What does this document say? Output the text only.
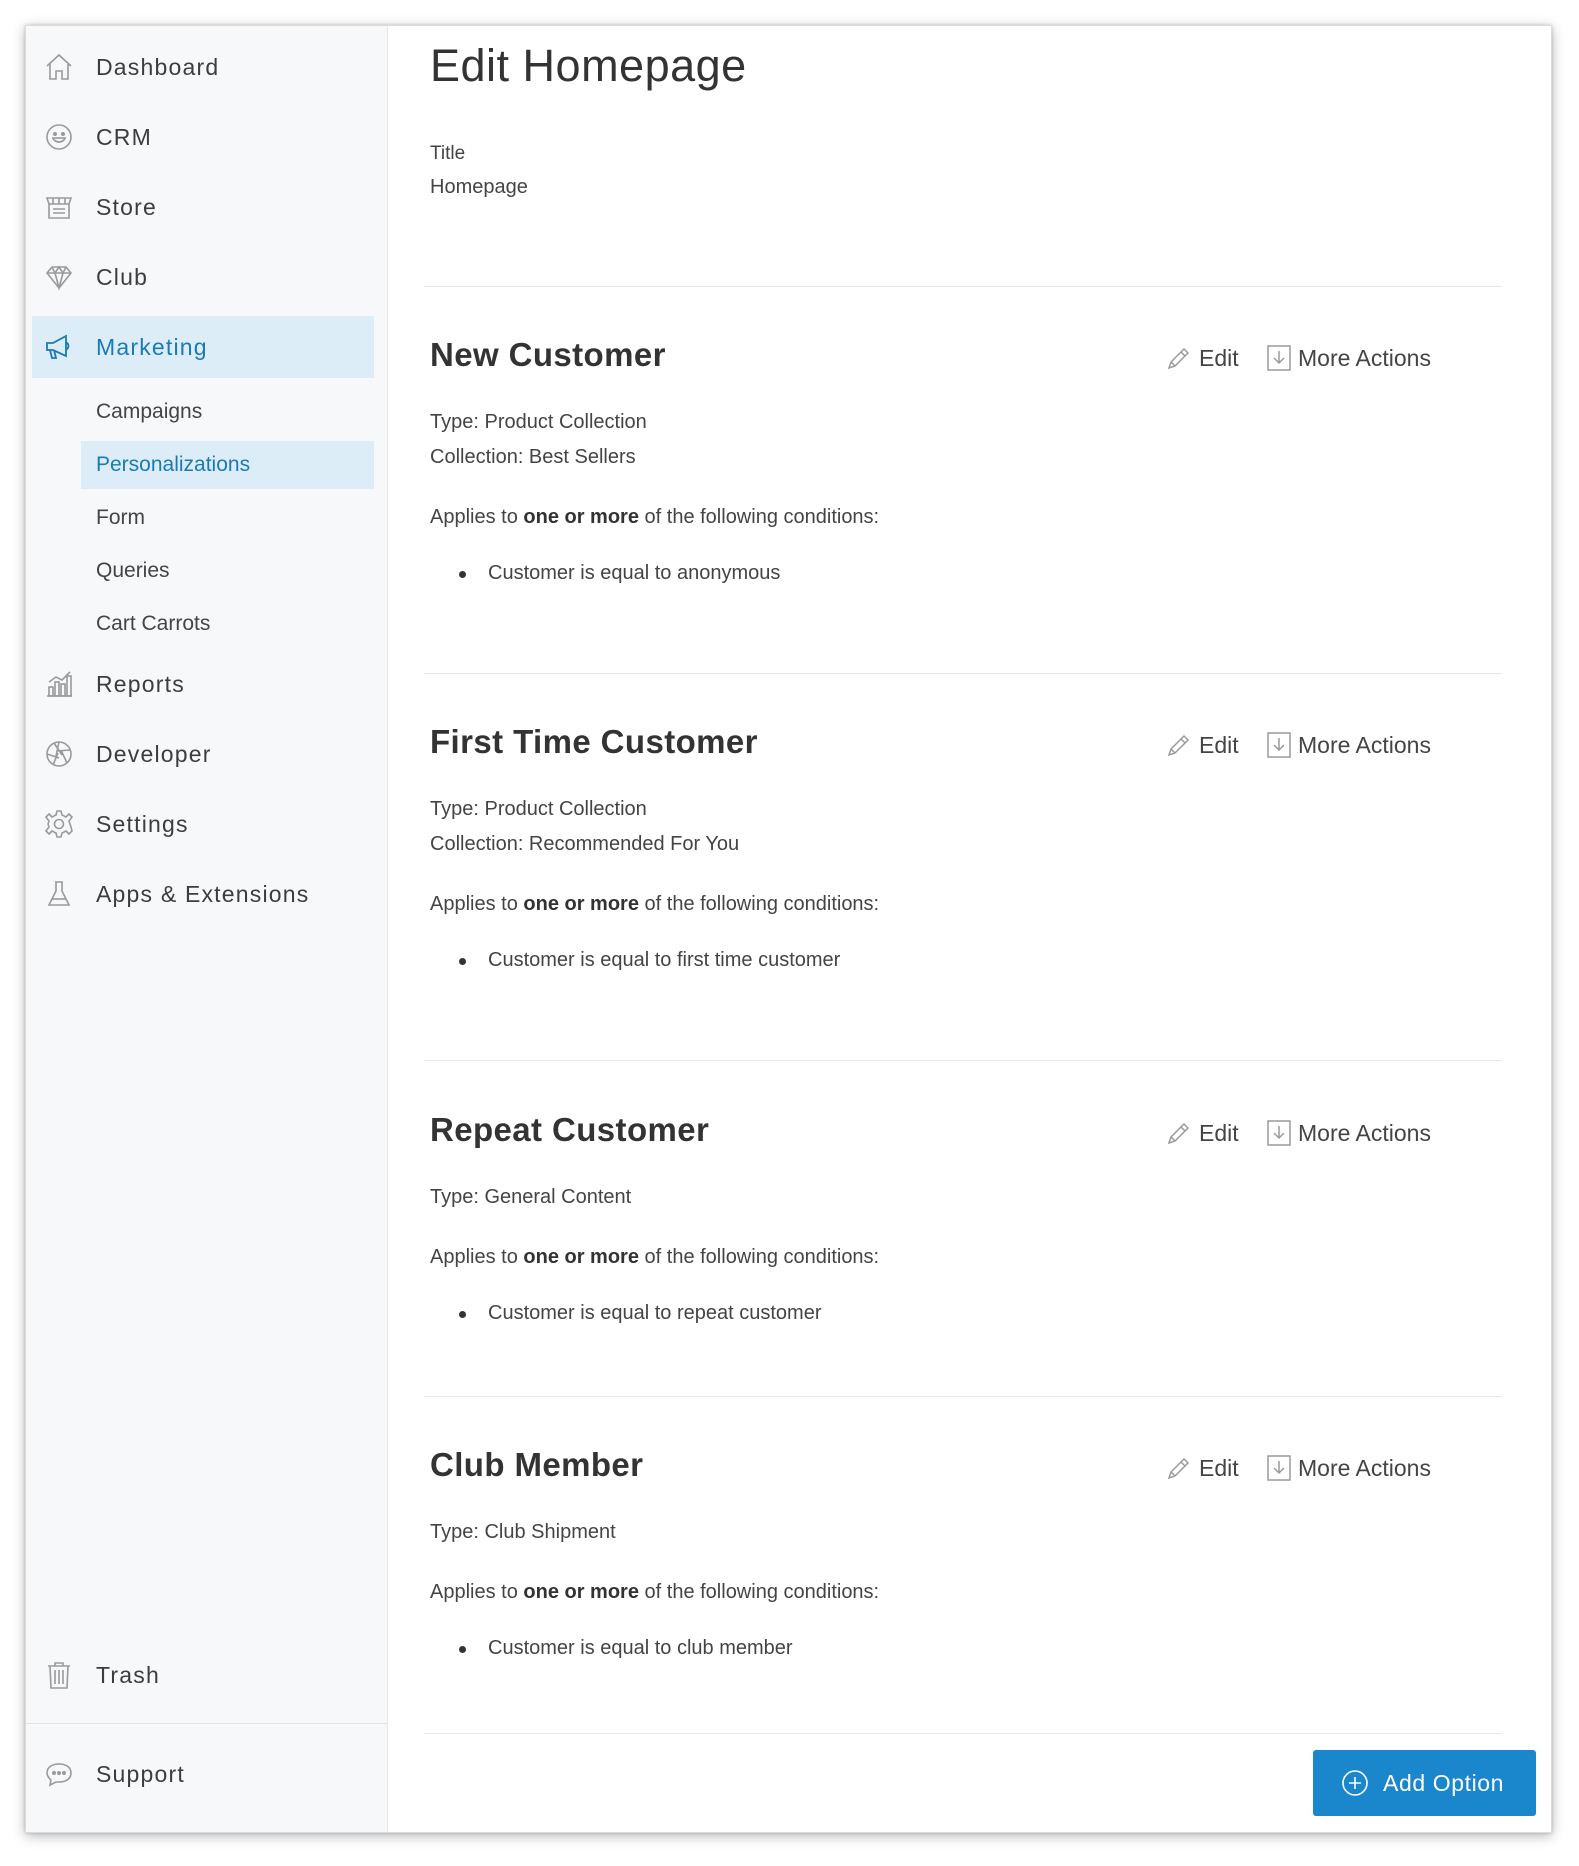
Dashboard
CRM
Store
Club
Marketing
Campaigns
Personalizations
Form
Queries
Cart Carrots
Reports
Developer
Settings
Apps & Extensions
Trash
Support
Edit Homepage
Title
Homepage
New Customer	Edit	More Actions
Type: Product Collection
Collection: Best Sellers
Applies to one or more of the following conditions:
Customer is equal to anonymous
First Time Customer	Edit	More Actions
Type: Product Collection
Collection: Recommended For You
Applies to one or more of the following conditions:
Customer is equal to first time customer
Repeat Customer	Edit	More Actions
Type: General Content
Applies to one or more of the following conditions:
Customer is equal to repeat customer
Club Member	Edit	More Actions
Type: Club Shipment
Applies to one or more of the following conditions:
Customer is equal to club member
Add Option
